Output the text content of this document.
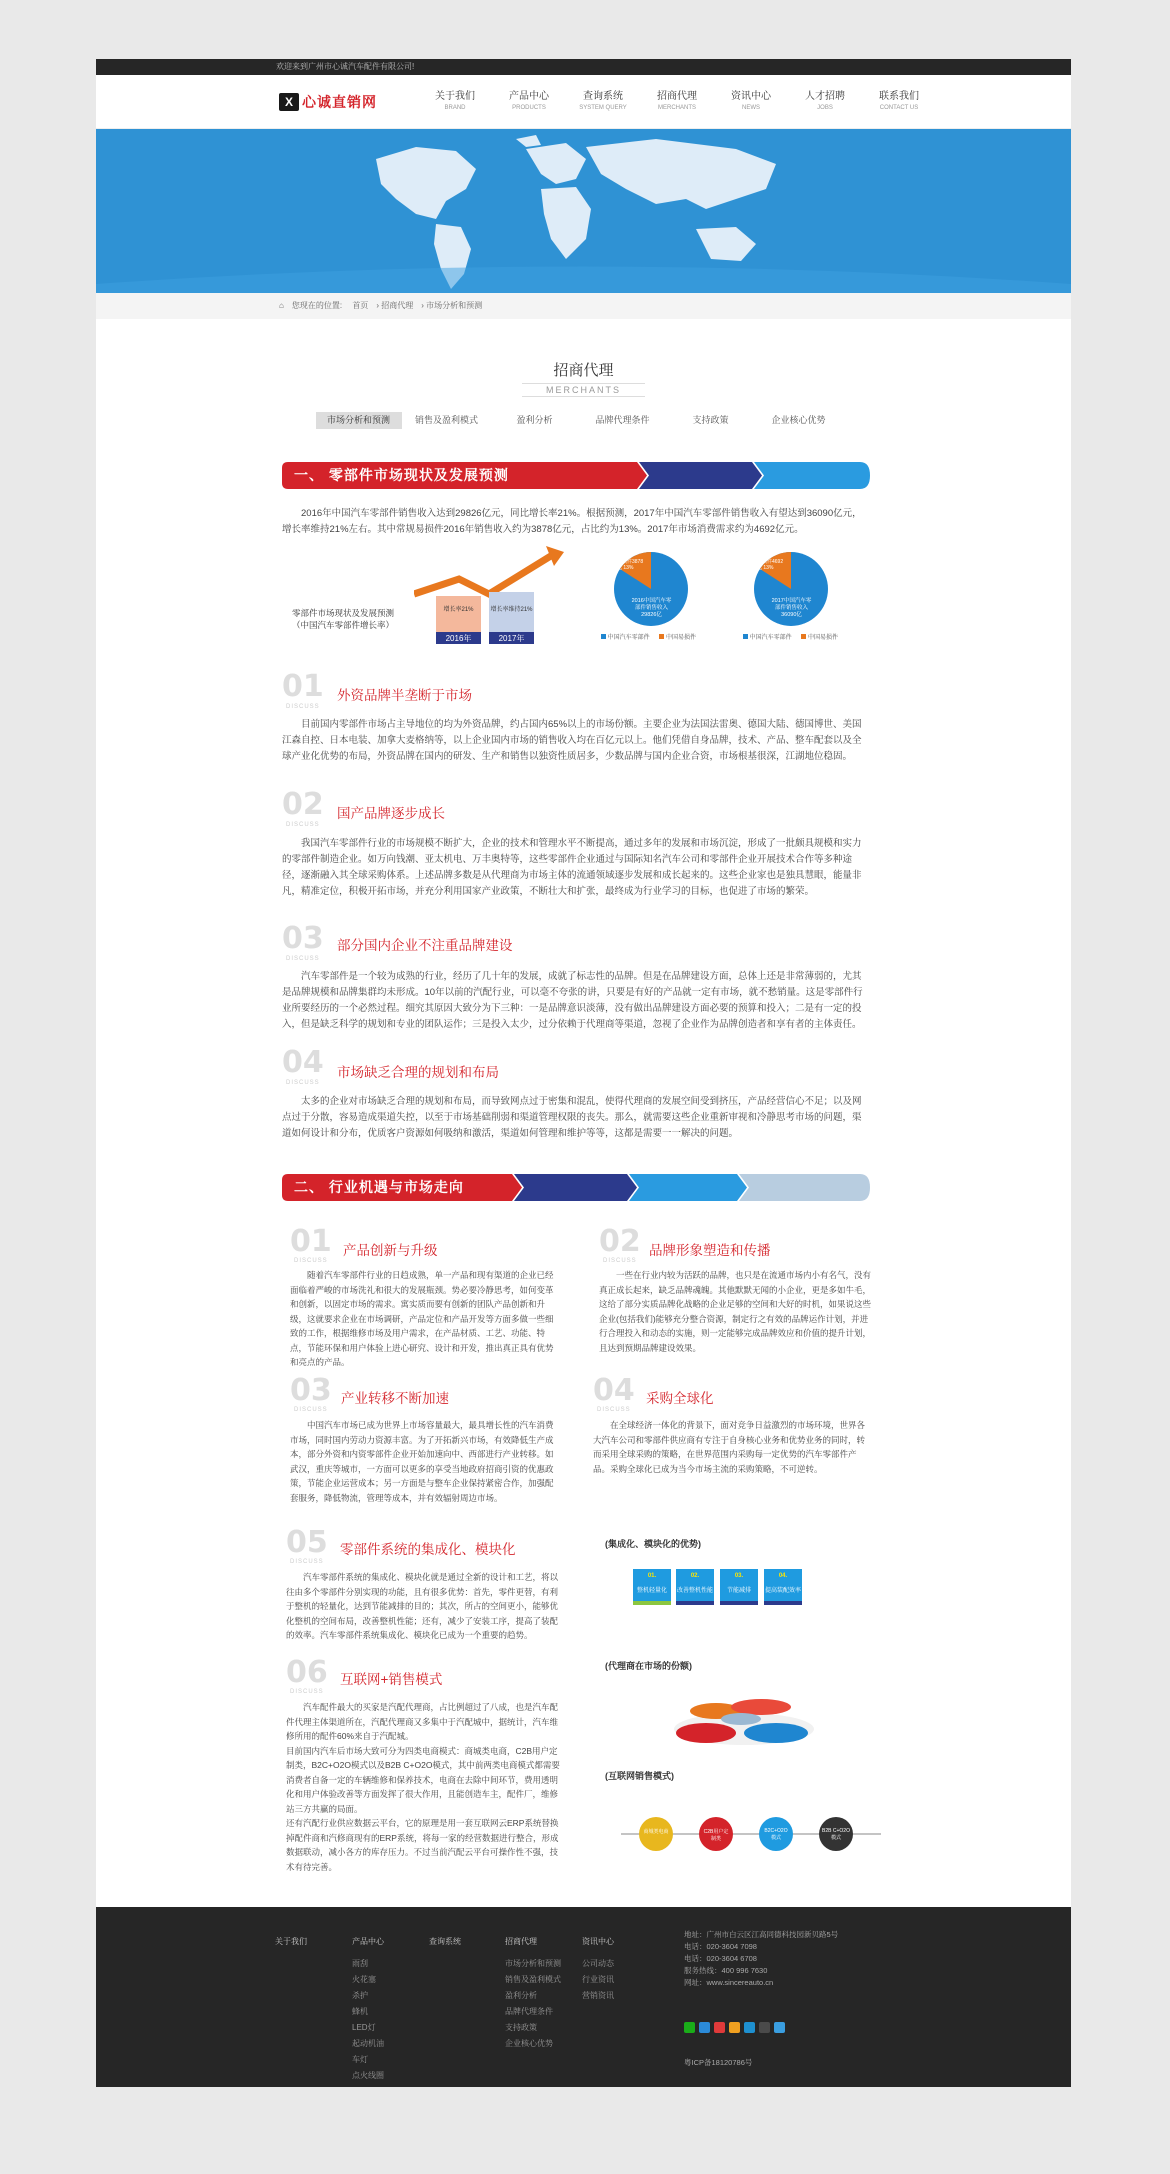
欢迎来到广州市心诚汽车配件有限公司!
X 心诚直销网	关于我们
BRAND
产品中心
PRODUCTS
查询系统
SYSTEM QUERY
招商代理
MERCHANTS
资讯中心
NEWS
人才招聘
JOBS
联系我们
CONTACT US
⌂ 您现在的位置: 首页 › 招商代理 › 市场分析和预测
招商代理
MERCHANTS
市场分析和预测	销售及盈利模式	盈利分析	品牌代理条件	支持政策	企业核心优势
一、 零部件市场现状及发展预测
2016年中国汽车零部件销售收入达到29826亿元，同比增长率21%。根据预测，2017年中国汽车零部件销售收入有望达到36090亿元，增长率维持21%左右。其中常规易损件2016年销售收入约为3878亿元，占比约为13%。2017年市场消费需求约为4692亿元。
零部件市场现状及发展预测
（中国汽车零部件增长率）
增长率21%	增长率维持21%
2016年	2017年
2016中国汽车零部件销售收入29826亿
易损件3878亿 13%
2017中国汽车零部件销售收入36090亿
易损件4692亿 13%
中国汽车零部件	中国易损件	中国汽车零部件	中国易损件
01
DISCUSS
外资品牌半垄断于市场
目前国内零部件市场占主导地位的均为外资品牌，约占国内65%以上的市场份额。主要企业为法国法雷奥、德国大陆、德国博世、美国江森自控、日本电装、加拿大麦格纳等，以上企业国内市场的销售收入均在百亿元以上。他们凭借自身品牌，技术、产品、整车配套以及全球产业化优势的布局，外资品牌在国内的研发、生产和销售以独资性质居多，少数品牌与国内企业合资，市场根基很深，江湖地位稳固。
02
DISCUSS
国产品牌逐步成长
我国汽车零部件行业的市场规模不断扩大，企业的技术和管理水平不断提高，通过多年的发展和市场沉淀，形成了一批颇具规模和实力的零部件制造企业。如万向钱潮、亚太机电、万丰奥特等，这些零部件企业通过与国际知名汽车公司和零部件企业开展技术合作等多种途径，逐渐融入其全球采购体系。上述品牌多数是从代理商为市场主体的流通领域逐步发展和成长起来的。这些企业家也是独具慧眼，能量非凡，精准定位，积极开拓市场，并充分利用国家产业政策，不断壮大和扩张，最终成为行业学习的目标，也促进了市场的繁荣。
03
DISCUSS
部分国内企业不注重品牌建设
汽车零部件是一个较为成熟的行业，经历了几十年的发展，成就了标志性的品牌。但是在品牌建设方面，总体上还是非常薄弱的，尤其是品牌规模和品牌集群均未形成。10年以前的汽配行业，可以毫不夸张的讲，只要是有好的产品就一定有市场，就不愁销量。这是零部件行业所要经历的一个必然过程。细究其原因大致分为下三种：一是品牌意识淡薄，没有做出品牌建设方面必要的预算和投入；二是有一定的投入，但是缺乏科学的规划和专业的团队运作；三是投入太少，过分依赖于代理商等渠道，忽视了企业作为品牌创造者和享有者的主体责任。
04
DISCUSS
市场缺乏合理的规划和布局
太多的企业对市场缺乏合理的规划和布局，而导致网点过于密集和混乱，使得代理商的发展空间受到挤压，产品经营信心不足；以及网点过于分散，容易造成渠道失控，以至于市场基础削弱和渠道管理权限的丧失。那么，就需要这些企业重新审视和冷静思考市场的问题，渠道如何设计和分布，优质客户资源如何吸纳和激活，渠道如何管理和维护等等，这都是需要一一解决的问题。
二、 行业机遇与市场走向
01
DISCUSS
产品创新与升级
随着汽车零部件行业的日趋成熟，单一产品和现有渠道的企业已经面临着严峻的市场洗礼和很大的发展瓶颈。势必要冷静思考，如何变革和创新，以固定市场的需求。寓实质而要有创新的团队产品创新和升级，这就要求企业在市场调研，产品定位和产品开发等方面多做一些细致的工作，根据维修市场及用户需求，在产品材质、工艺、功能、特点，节能环保和用户体验上进心研究、设计和开发，推出真正具有优势和亮点的产品。
02
DISCUSS
品牌形象塑造和传播
一些在行业内较为活跃的品牌，也只是在流通市场内小有名气，没有真正成长起来，缺乏品牌魂魄。其他默默无闻的小企业，更是多如牛毛，这给了部分实质品牌化战略的企业足够的空间和大好的时机，如果说这些企业(包括我们)能够充分整合资源，制定行之有效的品牌运作计划，并进行合理投入和动态的实施，则一定能够完成品牌效应和价值的提升计划，且达到预期品牌建设效果。
03
DISCUSS
产业转移不断加速
中国汽车市场已成为世界上市场容量最大，最具增长性的汽车消费市场，同时国内劳动力资源丰富。为了开拓新兴市场，有效降低生产成本，部分外资和内资零部件企业开始加速向中、西部进行产业转移。如武汉，重庆等城市，一方面可以更多的享受当地政府招商引资的优惠政策，节能企业运营成本；另一方面是与整车企业保持紧密合作，加强配套服务，降低物流，管理等成本，并有效辐射周边市场。
04
DISCUSS
采购全球化
在全球经济一体化的背景下，面对竞争日益激烈的市场环境，世界各大汽车公司和零部件供应商有专注于自身核心业务和优势业务的同时，转而采用全球采购的策略，在世界范围内采购每一定优势的汽车零部件产品。采购全球化已成为当今市场主流的采购策略，不可逆转。
05
DISCUSS
零部件系统的集成化、模块化
汽车零部件系统的集成化、模块化就是通过全新的设计和工艺，将以往由多个零部件分别实现的功能，且有很多优势：首先，零件更替，有利于整机的轻量化，达到节能减排的目的；其次，所占的空间更小，能够优化整机的空间布局，改善整机性能；还有，减少了安装工序，提高了装配的效率。汽车零部件系统集成化、模块化已成为一个重要的趋势。
06
DISCUSS
互联网+销售模式
汽车配件最大的买家是汽配代理商，占比例超过了八成，也是汽车配件代理主体渠道所在，汽配代理商又多集中于汽配城中，据统计，汽车维修所用的配件60%来自于汽配城。
目前国内汽车后市场大致可分为四类电商模式：商城类电商，C2B用户定制类，B2C+O2O模式以及B2B C+O2O模式，其中前两类电商模式都需要消费者自备一定的车辆维修和保养技术，电商在去除中间环节，费用透明化和用户体验改善等方面发挥了很大作用，且能创造车主，配件厂，维修站三方共赢的局面。
还有汽配行业供应数据云平台，它的原理是用一套互联网云ERP系统替换掉配件商和汽修商现有的ERP系统，将每一家的经营数据进行整合，形成数据联动，减小各方的库存压力。不过当前汽配云平台可操作性不强，技术有待完善。
(集成化、模块化的优势)
01.
整机轻量化
02.
改善整机性能
03.
节能减排
04.
提高装配效率
(代理商在市场的份额)
(互联网销售模式)
商城类电商	C2B用户定制类
B2C+O2O模式
B2B C+O2O模式
关于我们	产品中心
雨刮
火花塞
杀护
蜂机
LED灯
起动机油
车灯
点火线圈
查询系统	招商代理
市场分析和预测
销售及盈利模式
盈利分析
品牌代理条件
支持政策
企业核心优势
资讯中心
公司动态
行业资讯
营销资讯
地址：广州市白云区江高同德科技园新贝路5号
电话：020-3604 7098
电话：020-3604 6708
服务热线：400 996 7630
网址：www.sincereauto.cn
粤ICP备18120786号
